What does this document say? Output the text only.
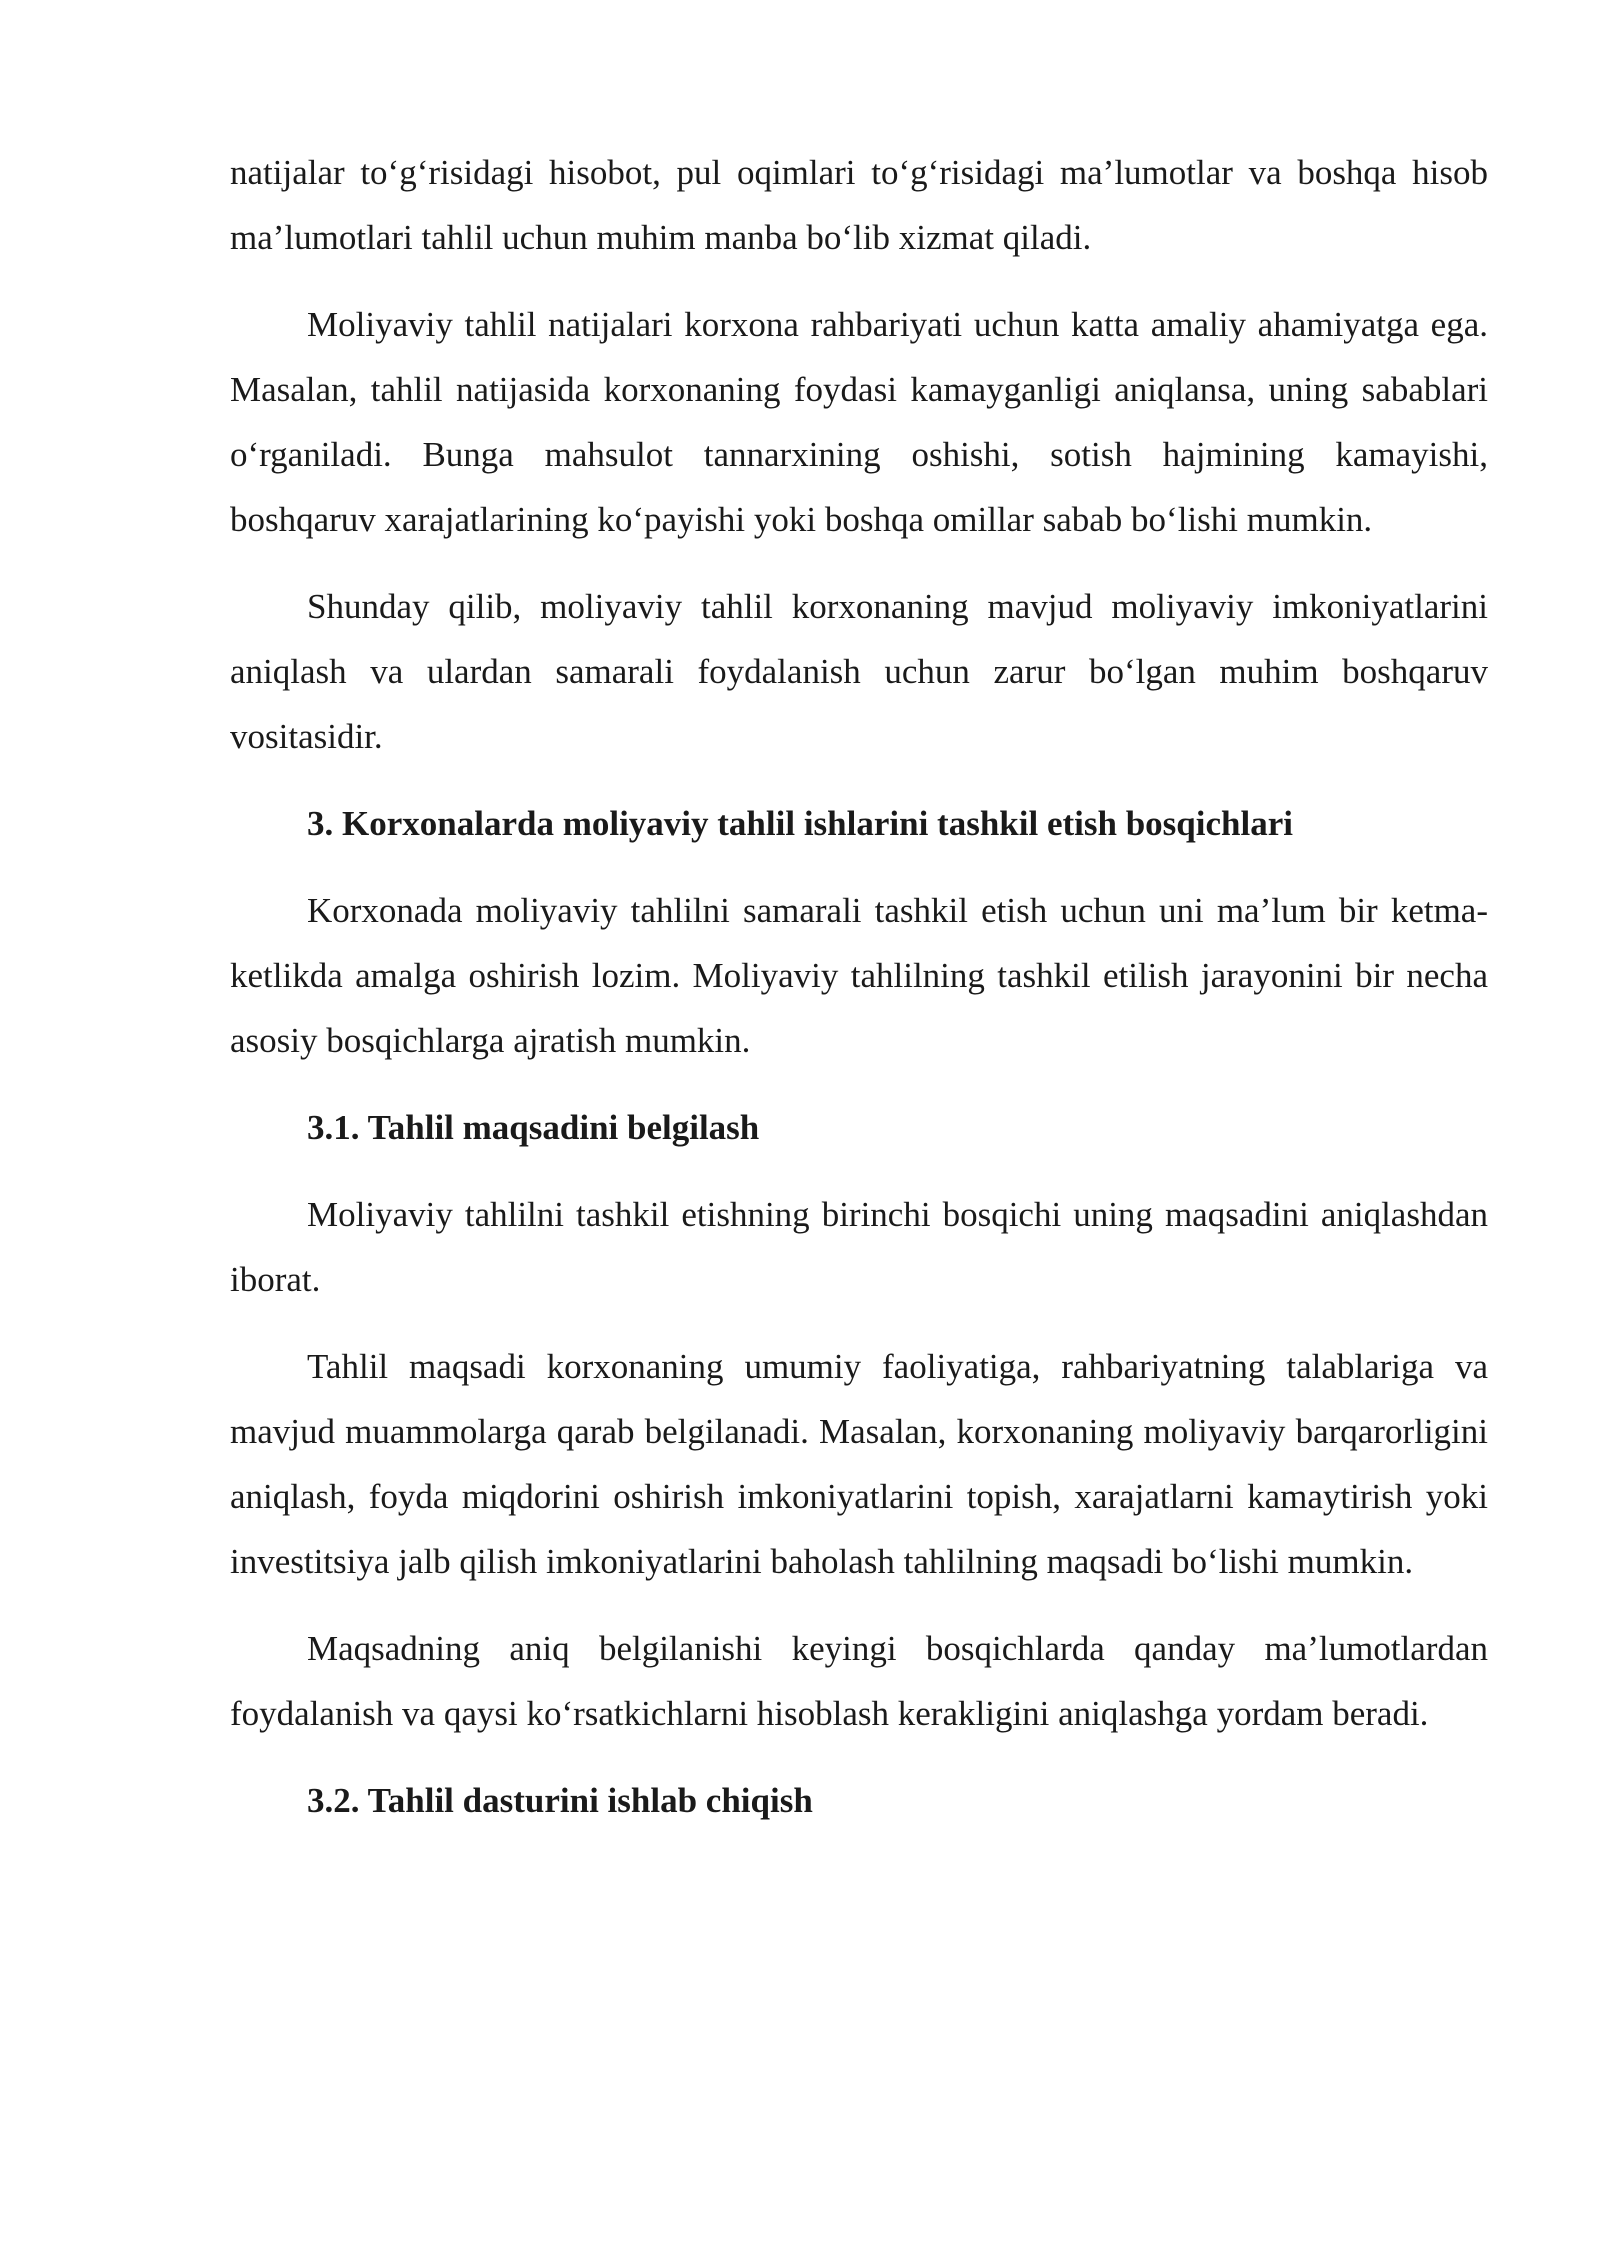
natijalar to‘g‘risidagi hisobot, pul oqimlari to‘g‘risidagi ma’lumotlar va boshqa hisob ma’lumotlari tahlil uchun muhim manba bo‘lib xizmat qiladi.

Moliyaviy tahlil natijalari korxona rahbariyati uchun katta amaliy ahamiyatga ega. Masalan, tahlil natijasida korxonaning foydasi kamayganligi aniqlansa, uning sabablari o‘rganiladi. Bunga mahsulot tannarxining oshishi, sotish hajmining kamayishi, boshqaruv xarajatlarining ko‘payishi yoki boshqa omillar sabab bo‘lishi mumkin.

Shunday qilib, moliyaviy tahlil korxonaning mavjud moliyaviy imkoniyatlarini aniqlash va ulardan samarali foydalanish uchun zarur bo‘lgan muhim boshqaruv vositasidir.

3. Korxonalarda moliyaviy tahlil ishlarini tashkil etish bosqichlari

Korxonada moliyaviy tahlilni samarali tashkil etish uchun uni ma’lum bir ketma-ketlikda amalga oshirish lozim. Moliyaviy tahlilning tashkil etilish jarayonini bir necha asosiy bosqichlarga ajratish mumkin.

3.1. Tahlil maqsadini belgilash

Moliyaviy tahlilni tashkil etishning birinchi bosqichi uning maqsadini aniqlashdan iborat.

Tahlil maqsadi korxonaning umumiy faoliyatiga, rahbariyatning talablariga va mavjud muammolarga qarab belgilanadi. Masalan, korxonaning moliyaviy barqarorligini aniqlash, foyda miqdorini oshirish imkoniyatlarini topish, xarajatlarni kamaytirish yoki investitsiya jalb qilish imkoniyatlarini baholash tahlilning maqsadi bo‘lishi mumkin.

Maqsadning aniq belgilanishi keyingi bosqichlarda qanday ma’lumotlardan foydalanish va qaysi ko‘rsatkichlarni hisoblash kerakligini aniqlashga yordam beradi.

3.2. Tahlil dasturini ishlab chiqish
